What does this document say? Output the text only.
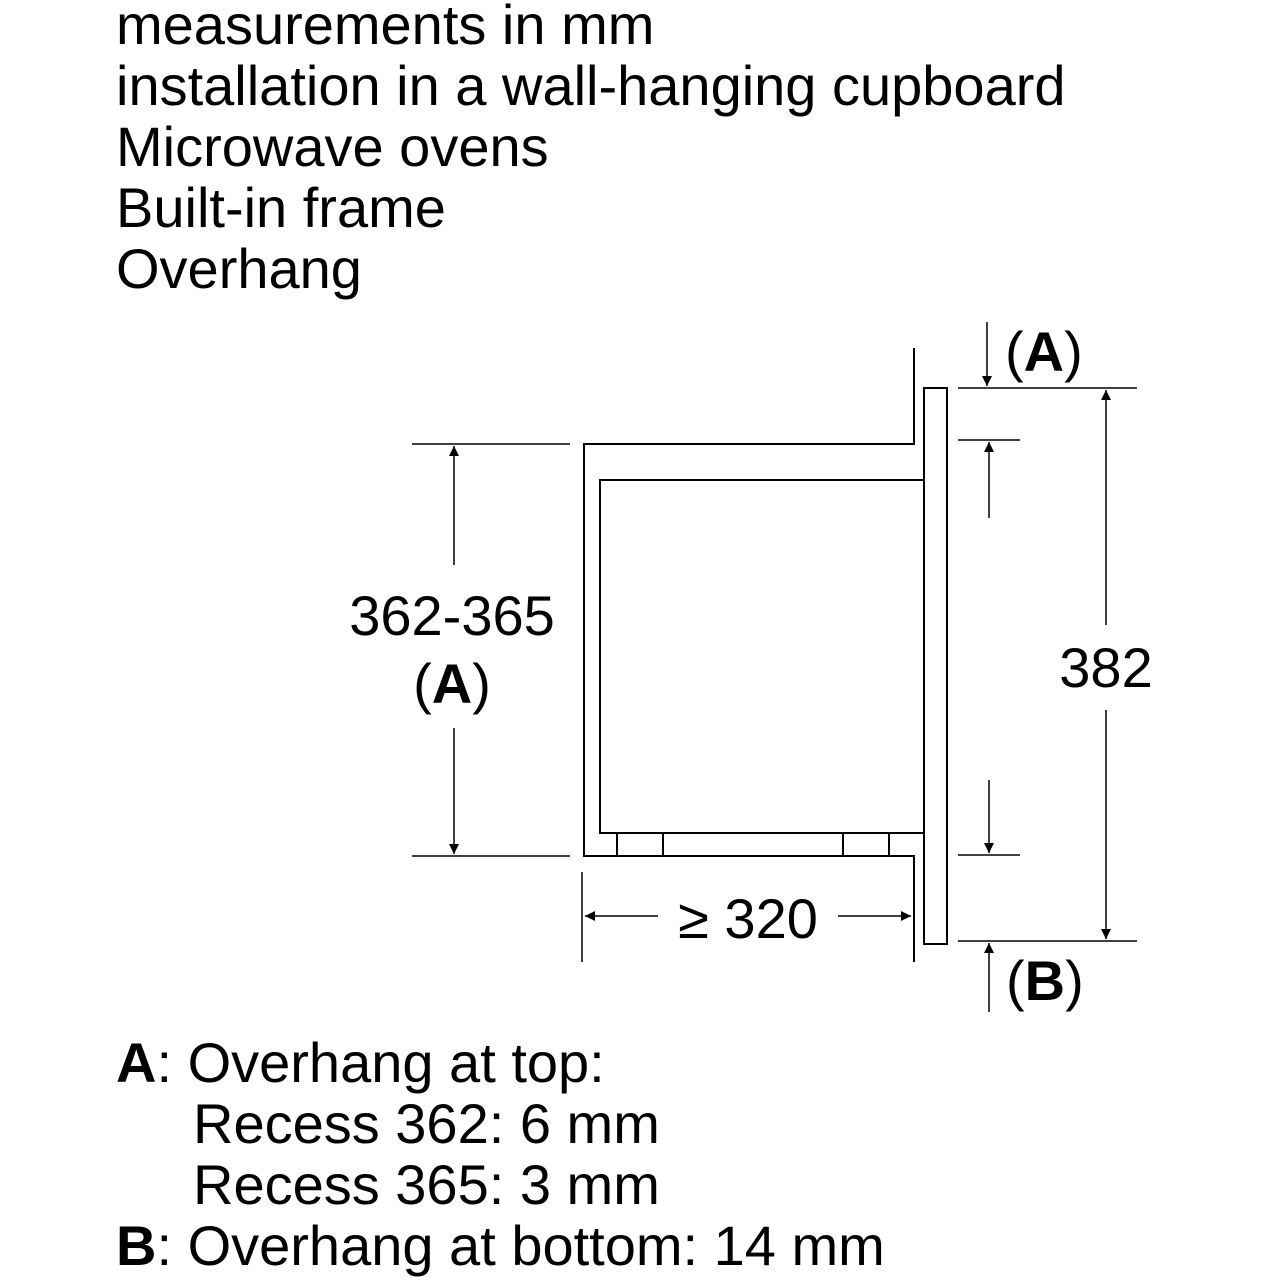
measurements in mm
installation in a wall-hanging cupboard
Microwave ovens
Built-in frame
Overhang
362-365
(A)	382
≥ 320
(A)
(B)
A: Overhang at top:
Recess 362: 6 mm
Recess 365: 3 mm
B: Overhang at bottom: 14 mm
